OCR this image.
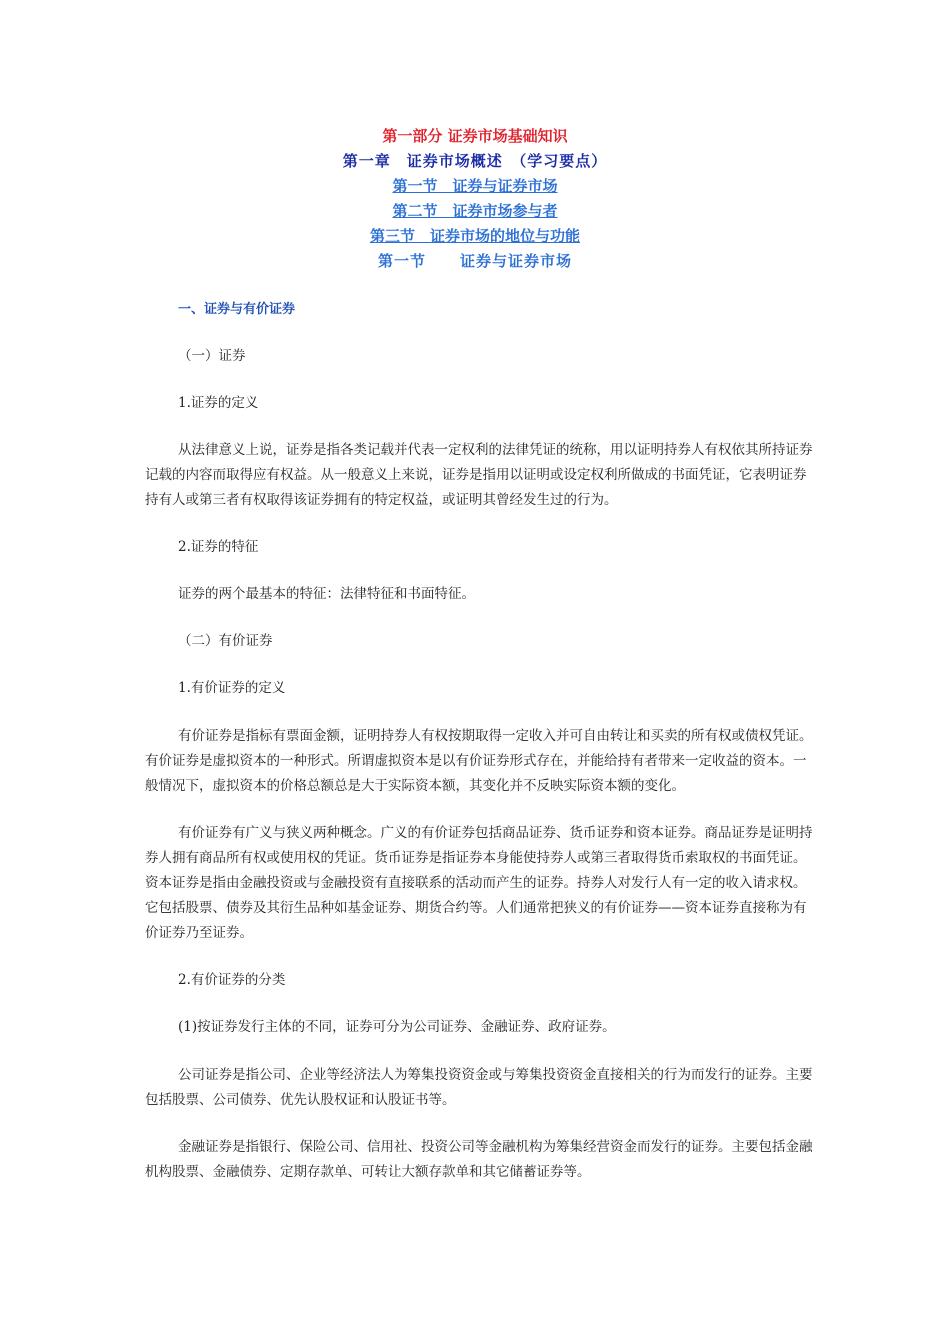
第一部分 证券市场基础知识
第一章　证券市场概述　（学习要点）
第一节　证券与证券市场
第二节　证券市场参与者
第三节　证券市场的地位与功能
第一节 证券与证券市场
一、证券与有价证券
（一）证券
1.证券的定义
从法律意义上说，证券是指各类记载并代表一定权利的法律凭证的统称，用以证明持券人有权依其所持证券记载的内容而取得应有权益。从一般意义上来说，证券是指用以证明或设定权利所做成的书面凭证，它表明证券持有人或第三者有权取得该证券拥有的特定权益，或证明其曾经发生过的行为。
2.证券的特征
证券的两个最基本的特征：法律特征和书面特征。
（二）有价证券
1.有价证券的定义
有价证券是指标有票面金额，证明持券人有权按期取得一定收入并可自由转让和买卖的所有权或债权凭证。有价证券是虚拟资本的一种形式。所谓虚拟资本是以有价证券形式存在，并能给持有者带来一定收益的资本。一般情况下，虚拟资本的价格总额总是大于实际资本额，其变化并不反映实际资本额的变化。
有价证券有广义与狭义两种概念。广义的有价证券包括商品证券、货币证券和资本证券。商品证券是证明持券人拥有商品所有权或使用权的凭证。货币证券是指证券本身能使持券人或第三者取得货币索取权的书面凭证。资本证券是指由金融投资或与金融投资有直接联系的活动而产生的证券。持券人对发行人有一定的收入请求权。它包括股票、债券及其衍生品种如基金证券、期货合约等。人们通常把狭义的有价证券——资本证券直接称为有价证券乃至证券。
2.有价证券的分类
(1)按证券发行主体的不同，证券可分为公司证券、金融证券、政府证券。
公司证券是指公司、企业等经济法人为筹集投资资金或与筹集投资资金直接相关的行为而发行的证券。主要包括股票、公司债券、优先认股权证和认股证书等。
金融证券是指银行、保险公司、信用社、投资公司等金融机构为筹集经营资金而发行的证券。主要包括金融机构股票、金融债券、定期存款单、可转让大额存款单和其它储蓄证券等。
